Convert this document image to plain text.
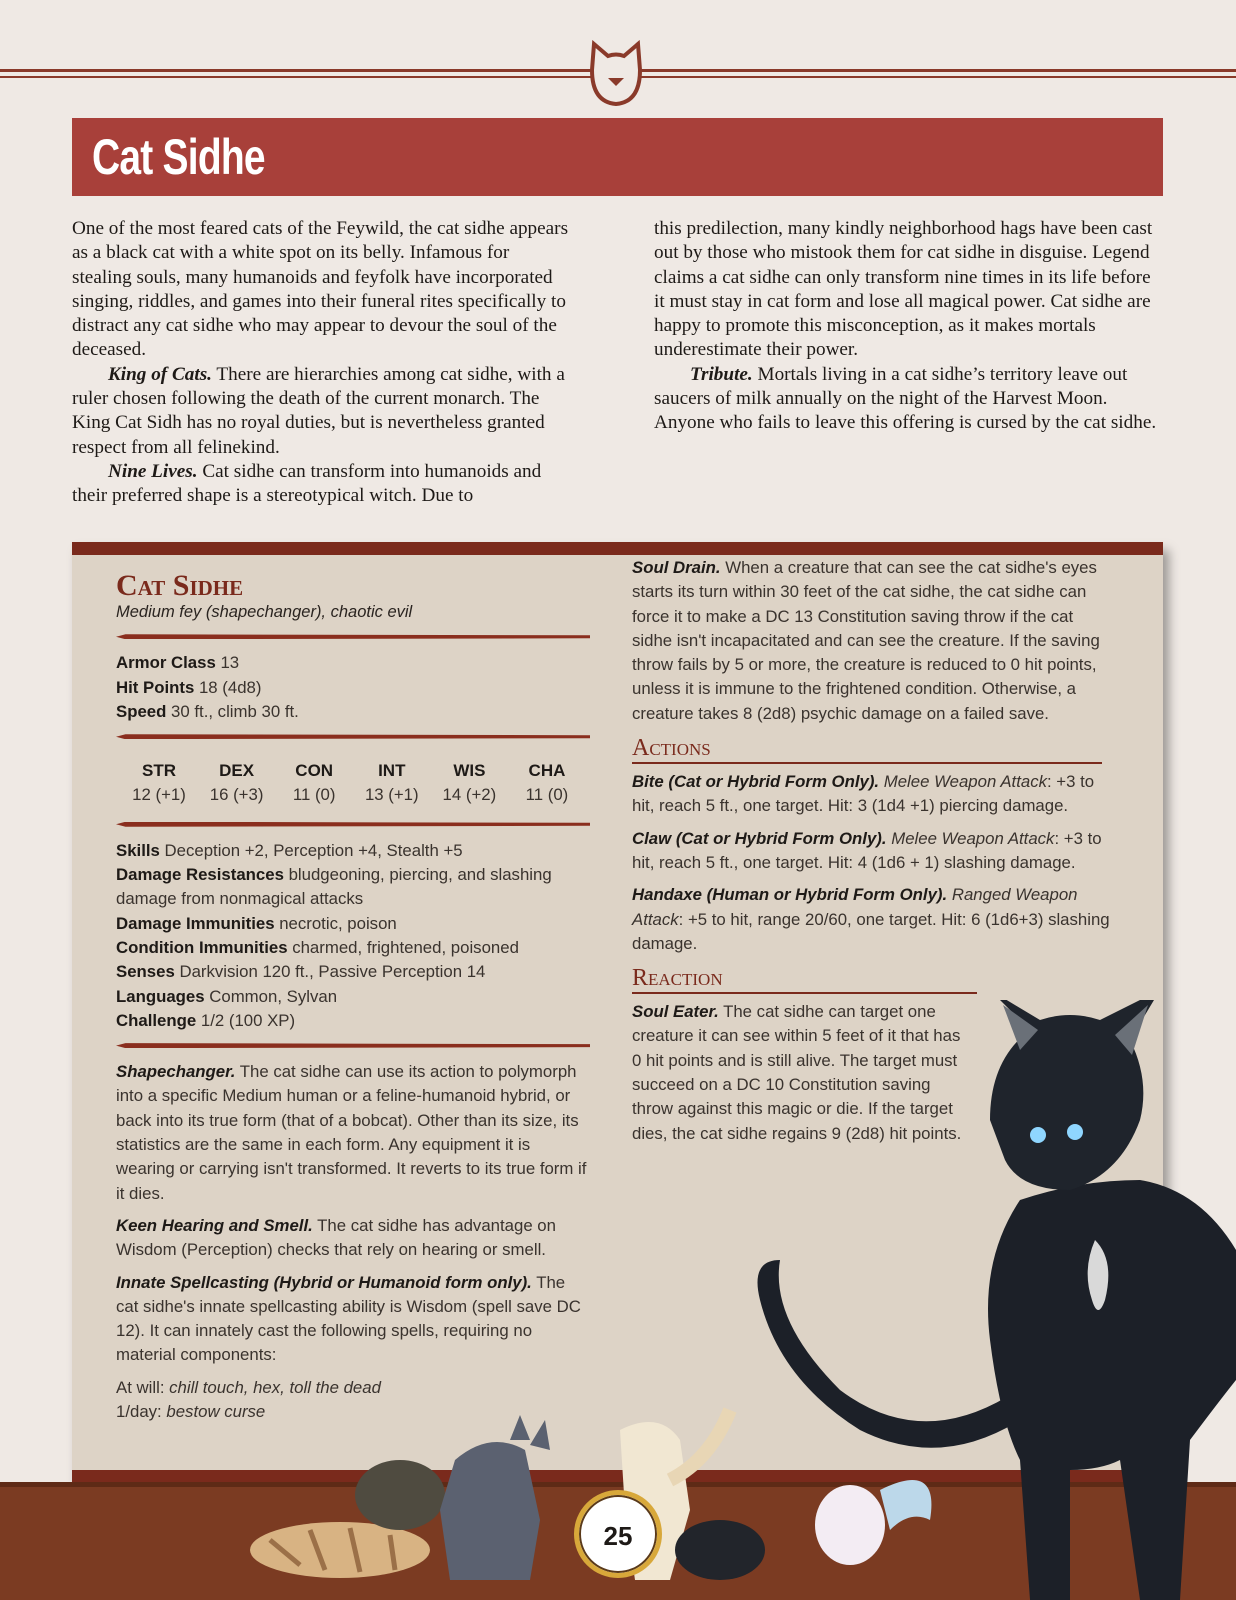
Cat Sidhe

One of the most feared cats of the Feywild, the cat sidhe appears as a black cat with a white spot on its belly. Infamous for stealing souls, many humanoids and feyfolk have incorporated singing, riddles, and games into their funeral rites specifically to distract any cat sidhe who may appear to devour the soul of the deceased.

King of Cats. There are hierarchies among cat sidhe, with a ruler chosen following the death of the current monarch. The King Cat Sidh has no royal duties, but is nevertheless granted respect from all felinekind.

Nine Lives. Cat sidhe can transform into humanoids and their preferred shape is a stereotypical witch. Due to

this predilection, many kindly neighborhood hags have been cast out by those who mistook them for cat sidhe in disguise. Legend claims a cat sidhe can only transform nine times in its life before it must stay in cat form and lose all magical power. Cat sidhe are happy to promote this misconception, as it makes mortals underestimate their power.

Tribute. Mortals living in a cat sidhe’s territory leave out saucers of milk annually on the night of the Harvest Moon. Anyone who fails to leave this offering is cursed by the cat sidhe.

Cat Sidhe
Medium fey (shapechanger), chaotic evil
Armor Class 13
Hit Points 18 (4d8)
Speed 30 ft., climb 30 ft.
STR
12 (+1)
DEX
16 (+3)
CON
11 (0)
INT
13 (+1)
WIS
14 (+2)
CHA
11 (0)
Skills Deception +2, Perception +4, Stealth +5
Damage Resistances bludgeoning, piercing, and slashing damage from nonmagical attacks
Damage Immunities necrotic, poison
Condition Immunities charmed, frightened, poisoned
Senses Darkvision 120 ft., Passive Perception 14
Languages Common, Sylvan
Challenge 1/2 (100 XP)
Shapechanger. The cat sidhe can use its action to polymorph into a specific Medium human or a feline-humanoid hybrid, or back into its true form (that of a bobcat). Other than its size, its statistics are the same in each form. Any equipment it is wearing or carrying isn't transformed. It reverts to its true form if it dies.
Keen Hearing and Smell. The cat sidhe has advantage on Wisdom (Perception) checks that rely on hearing or smell.
Innate Spellcasting (Hybrid or Humanoid form only). The cat sidhe's innate spellcasting ability is Wisdom (spell save DC 12). It can innately cast the following spells, requiring no material components:
At will: chill touch, hex, toll the dead
1/day: bestow curse
Soul Drain. When a creature that can see the cat sidhe's eyes starts its turn within 30 feet of the cat sidhe, the cat sidhe can force it to make a DC 13 Constitution saving throw if the cat sidhe isn't incapacitated and can see the creature. If the saving throw fails by 5 or more, the creature is reduced to 0 hit points, unless it is immune to the frightened condition. Otherwise, a creature takes 8 (2d8) psychic damage on a failed save.
Actions
Bite (Cat or Hybrid Form Only). Melee Weapon Attack: +3 to hit, reach 5 ft., one target. Hit: 3 (1d4 +1) piercing damage.
Claw (Cat or Hybrid Form Only). Melee Weapon Attack: +3 to hit, reach 5 ft., one target. Hit: 4 (1d6 + 1) slashing damage.
Handaxe (Human or Hybrid Form Only). Ranged Weapon Attack: +5 to hit, range 20/60, one target. Hit: 6 (1d6+3) slashing damage.
Reaction
Soul Eater. The cat sidhe can target one creature it can see within 5 feet of it that has 0 hit points and is still alive. The target must succeed on a DC 10 Constitution saving throw against this magic or die. If the target dies, the cat sidhe regains 9 (2d8) hit points.
25
